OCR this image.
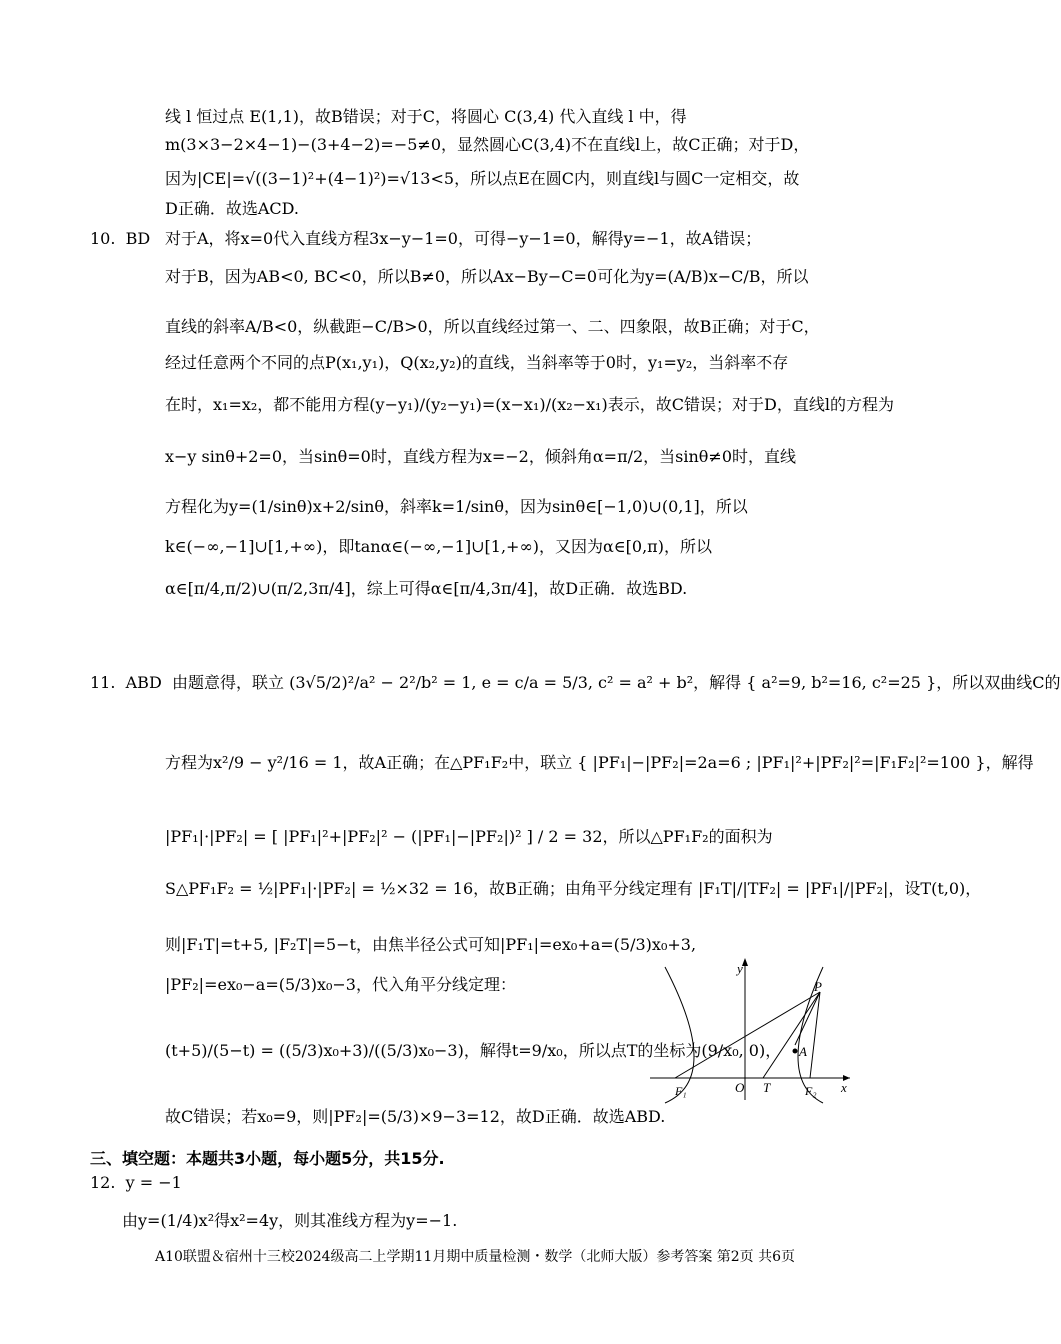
线 l 恒过点 E(1,1)，故B错误；对于C，将圆心 C(3,4) 代入直线 l 中，得
m(3×3−2×4−1)−(3+4−2)=−5≠0，显然圆心C(3,4)不在直线l上，故C正确；对于D，
因为|CE|=√((3−1)²+(4−1)²)=√13<5，所以点E在圆C内，则直线l与圆C一定相交，故
D正确．故选ACD.
10. BD 对于A，将x=0代入直线方程3x−y−1=0，可得−y−1=0，解得y=−1，故A错误；
对于B，因为AB<0, BC<0，所以B≠0，所以Ax−By−C=0可化为y=(A/B)x−C/B，所以
直线的斜率A/B<0，纵截距−C/B>0，所以直线经过第一、二、四象限，故B正确；对于C，
经过任意两个不同的点P(x₁,y₁)，Q(x₂,y₂)的直线，当斜率等于0时，y₁=y₂，当斜率不存
在时，x₁=x₂，都不能用方程(y−y₁)/(y₂−y₁)=(x−x₁)/(x₂−x₁)表示，故C错误；对于D，直线l的方程为
x−y sinθ+2=0，当sinθ=0时，直线方程为x=−2，倾斜角α=π/2，当sinθ≠0时，直线
方程化为y=(1/sinθ)x+2/sinθ，斜率k=1/sinθ，因为sinθ∈[−1,0)∪(0,1]，所以
k∈(−∞,−1]∪[1,+∞)，即tanα∈(−∞,−1]∪[1,+∞)，又因为α∈[0,π)，所以
α∈[π/4,π/2)∪(π/2,3π/4]，综上可得α∈[π/4,3π/4]，故D正确．故选BD.
11. ABD 由题意得，联立 (3√5/2)²/a² − 2²/b² = 1, e = c/a = 5/3, c² = a² + b²，解得 { a²=9, b²=16, c²=25 }，所以双曲线C的
方程为x²/9 − y²/16 = 1，故A正确；在△PF₁F₂中，联立 { |PF₁|−|PF₂|=2a=6 ; |PF₁|²+|PF₂|²=|F₁F₂|²=100 }，解得
|PF₁|·|PF₂| = [ |PF₁|²+|PF₂|² − (|PF₁|−|PF₂|)² ] / 2 = 32，所以△PF₁F₂的面积为
S△PF₁F₂ = ½|PF₁|·|PF₂| = ½×32 = 16，故B正确；由角平分线定理有 |F₁T|/|TF₂| = |PF₁|/|PF₂|，设T(t,0)，
则|F₁T|=t+5, |F₂T|=5−t，由焦半径公式可知|PF₁|=ex₀+a=(5/3)x₀+3,
|PF₂|=ex₀−a=(5/3)x₀−3，代入角平分线定理：
(t+5)/(5−t) = ((5/3)x₀+3)/((5/3)x₀−3)，解得t=9/x₀，所以点T的坐标为(9/x₀, 0)，
故C错误；若x₀=9，则|PF₂|=(5/3)×9−3=12，故D正确．故选ABD.
y
x
P
A
F₁	O T	F₂
三、填空题：本题共3小题，每小题5分，共15分.
12. y = −1
由y=(1/4)x²得x²=4y，则其准线方程为y=−1.
A10联盟＆宿州十三校2024级高二上学期11月期中质量检测・数学（北师大版）参考答案 第2页 共6页
